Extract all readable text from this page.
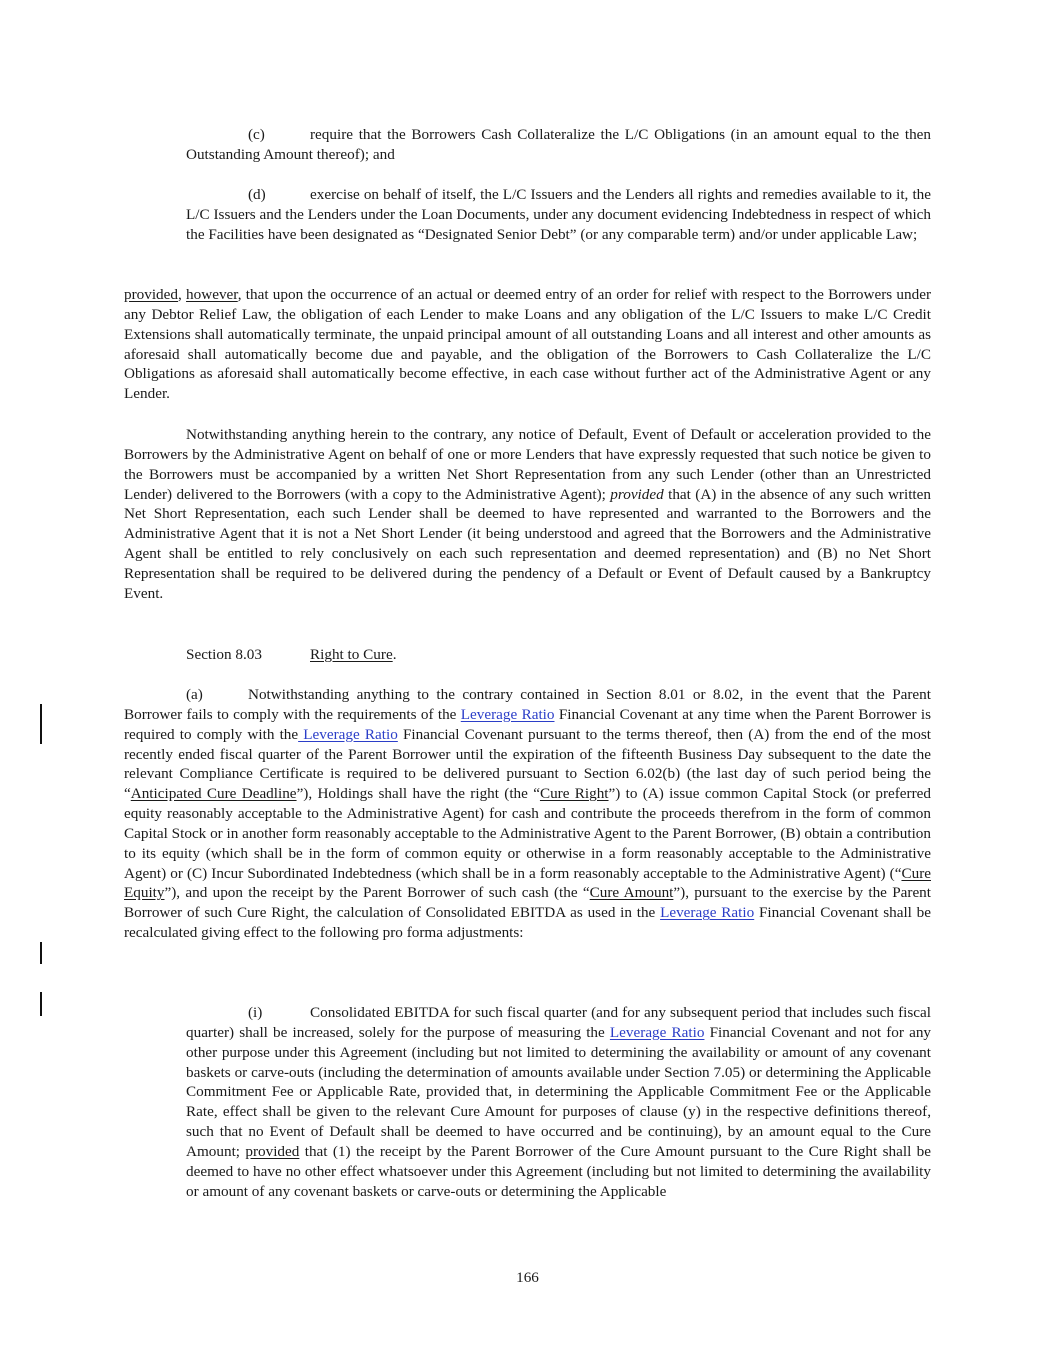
(c)	require that the Borrowers Cash Collateralize the L/C Obligations (in an amount equal to the then Outstanding Amount thereof); and

(d)	exercise on behalf of itself, the L/C Issuers and the Lenders all rights and remedies available to it, the L/C Issuers and the Lenders under the Loan Documents, under any document evidencing Indebtedness in respect of which the Facilities have been designated as “Designated Senior Debt” (or any comparable term) and/or under applicable Law;

provided, however, that upon the occurrence of an actual or deemed entry of an order for relief with respect to the Borrowers under any Debtor Relief Law, the obligation of each Lender to make Loans and any obligation of the L/C Issuers to make L/C Credit Extensions shall automatically terminate, the unpaid principal amount of all outstanding Loans and all interest and other amounts as aforesaid shall automatically become due and payable, and the obligation of the Borrowers to Cash Collateralize the L/C Obligations as aforesaid shall automatically become effective, in each case without further act of the Administrative Agent or any Lender.

Notwithstanding anything herein to the contrary, any notice of Default, Event of Default or acceleration provided to the Borrowers by the Administrative Agent on behalf of one or more Lenders that have expressly requested that such notice be given to the Borrowers must be accompanied by a written Net Short Representation from any such Lender (other than an Unrestricted Lender) delivered to the Borrowers (with a copy to the Administrative Agent); provided that (A) in the absence of any such written Net Short Representation, each such Lender shall be deemed to have represented and warranted to the Borrowers and the Administrative Agent that it is not a Net Short Lender (it being understood and agreed that the Borrowers and the Administrative Agent shall be entitled to rely conclusively on each such representation and deemed representation) and (B) no Net Short Representation shall be required to be delivered during the pendency of a Default or Event of Default caused by a Bankruptcy Event.

Section 8.03	Right to Cure.

(a)	Notwithstanding anything to the contrary contained in Section 8.01 or 8.02, in the event that the Parent Borrower fails to comply with the requirements of the Leverage Ratio Financial Covenant at any time when the Parent Borrower is required to comply with the Leverage Ratio Financial Covenant pursuant to the terms thereof, then (A) from the end of the most recently ended fiscal quarter of the Parent Borrower until the expiration of the fifteenth Business Day subsequent to the date the relevant Compliance Certificate is required to be delivered pursuant to Section 6.02(b) (the last day of such period being the “Anticipated Cure Deadline”), Holdings shall have the right (the “Cure Right”) to (A) issue common Capital Stock (or preferred equity reasonably acceptable to the Administrative Agent) for cash and contribute the proceeds therefrom in the form of common Capital Stock or in another form reasonably acceptable to the Administrative Agent to the Parent Borrower, (B) obtain a contribution to its equity (which shall be in the form of common equity or otherwise in a form reasonably acceptable to the Administrative Agent) or (C) Incur Subordinated Indebtedness (which shall be in a form reasonably acceptable to the Administrative Agent) (“Cure Equity”), and upon the receipt by the Parent Borrower of such cash (the “Cure Amount”), pursuant to the exercise by the Parent Borrower of such Cure Right, the calculation of Consolidated EBITDA as used in the Leverage Ratio Financial Covenant shall be recalculated giving effect to the following pro forma adjustments:

(i)	Consolidated EBITDA for such fiscal quarter (and for any subsequent period that includes such fiscal quarter) shall be increased, solely for the purpose of measuring the Leverage Ratio Financial Covenant and not for any other purpose under this Agreement (including but not limited to determining the availability or amount of any covenant baskets or carve-outs (including the determination of amounts available under Section 7.05) or determining the Applicable Commitment Fee or Applicable Rate, provided that, in determining the Applicable Commitment Fee or the Applicable Rate, effect shall be given to the relevant Cure Amount for purposes of clause (y) in the respective definitions thereof, such that no Event of Default shall be deemed to have occurred and be continuing), by an amount equal to the Cure Amount; provided that (1) the receipt by the Parent Borrower of the Cure Amount pursuant to the Cure Right shall be deemed to have no other effect whatsoever under this Agreement (including but not limited to determining the availability or amount of any covenant baskets or carve-outs or determining the Applicable

166
